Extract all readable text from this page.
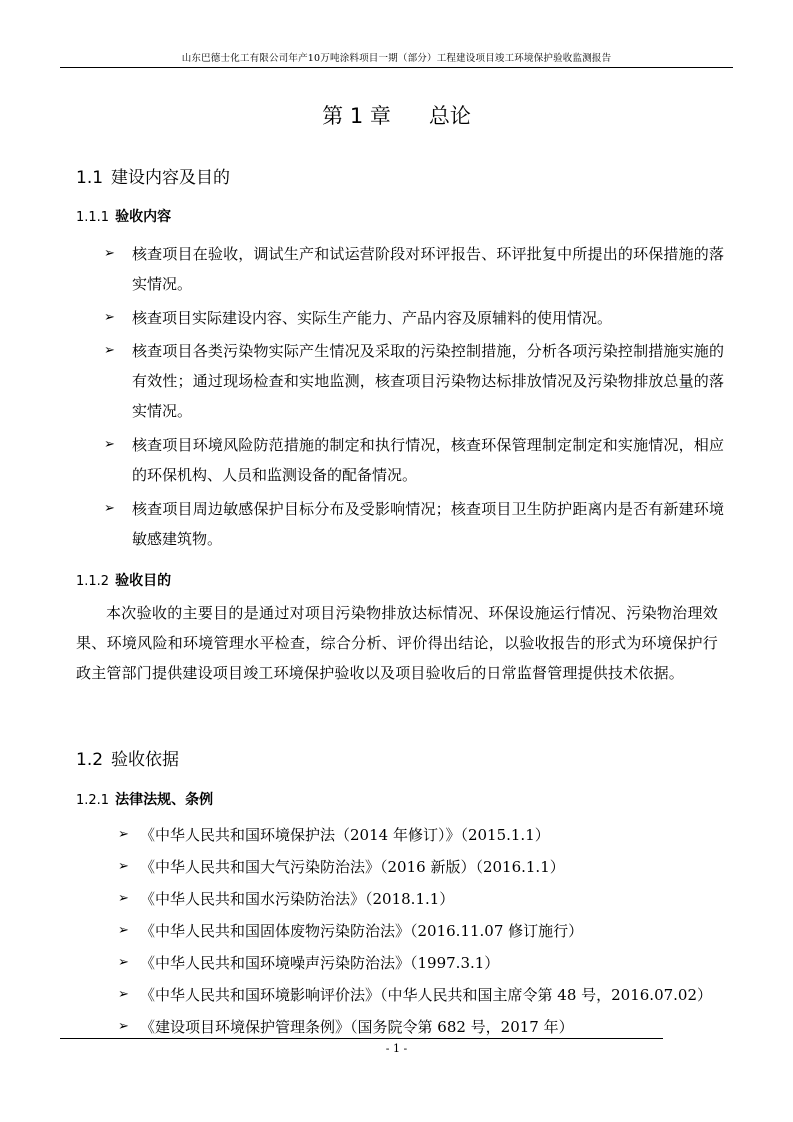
山东巴德士化工有限公司年产10万吨涂料项目一期（部分）工程建设项目竣工环境保护验收监测报告
第 1 章 总论
1.1 建设内容及目的
1.1.1 验收内容
➢ 核查项目在验收，调试生产和试运营阶段对环评报告、环评批复中所提出的环保措施的落实情况。
➢ 核查项目实际建设内容、实际生产能力、产品内容及原辅料的使用情况。
➢ 核查项目各类污染物实际产生情况及采取的污染控制措施，分析各项污染控制措施实施的有效性；通过现场检查和实地监测，核查项目污染物达标排放情况及污染物排放总量的落实情况。
➢ 核查项目环境风险防范措施的制定和执行情况，核查环保管理制定制定和实施情况，相应的环保机构、人员和监测设备的配备情况。
➢ 核查项目周边敏感保护目标分布及受影响情况；核查项目卫生防护距离内是否有新建环境敏感建筑物。
1.1.2 验收目的
本次验收的主要目的是通过对项目污染物排放达标情况、环保设施运行情况、污染物治理效果、环境风险和环境管理水平检查，综合分析、评价得出结论，以验收报告的形式为环境保护行政主管部门提供建设项目竣工环境保护验收以及项目验收后的日常监督管理提供技术依据。
1.2 验收依据
1.2.1 法律法规、条例
➢ 《中华人民共和国环境保护法（2014 年修订）》（2015.1.1）
➢ 《中华人民共和国大气污染防治法》（2016 新版）（2016.1.1）
➢ 《中华人民共和国水污染防治法》（2018.1.1）
➢ 《中华人民共和国固体废物污染防治法》（2016.11.07 修订施行）
➢ 《中华人民共和国环境噪声污染防治法》（1997.3.1）
➢ 《中华人民共和国环境影响评价法》（中华人民共和国主席令第 48 号，2016.07.02）
➢ 《建设项目环境保护管理条例》（国务院令第 682 号，2017 年）
- 1 -
